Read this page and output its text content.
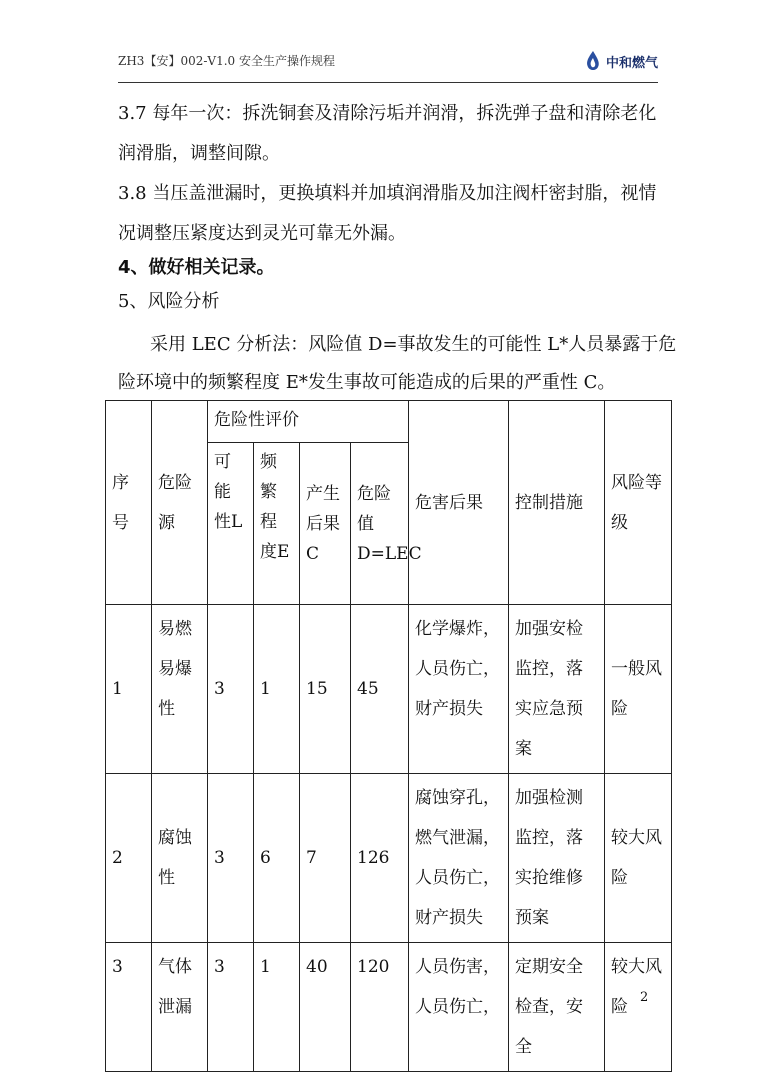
ZH3【安】002-V1.0 安全生产操作规程	中和燃气
3.7 每年一次：拆洗铜套及清除污垢并润滑，拆洗弹子盘和清除老化
润滑脂，调整间隙。
3.8 当压盖泄漏时，更换填料并加填润滑脂及加注阀杆密封脂，视情
况调整压紧度达到灵光可靠无外漏。
4、做好相关记录。
5、风险分析
采用 LEC 分析法：风险值 D=事故发生的可能性 L*人员暴露于危
险环境中的频繁程度 E*发生事故可能造成的后果的严重性 C。
序号	危险源	危险性评价				危害后果	控制措施	风险等级
		可能性L	频繁程度E	产生后果C	危险值D=LEC			
1	易燃易爆性	3	1	15	45	化学爆炸，人员伤亡，财产损失	加强安检监控，落实应急预案	一般风险
2	腐蚀性	3	6	7	126	腐蚀穿孔，燃气泄漏，人员伤亡，财产损失	加强检测监控，落实抢维修预案	较大风险
3	气体泄漏	3	1	40	120	人员伤害，人员伤亡，	定期安全检查，安全	较大风险 2
